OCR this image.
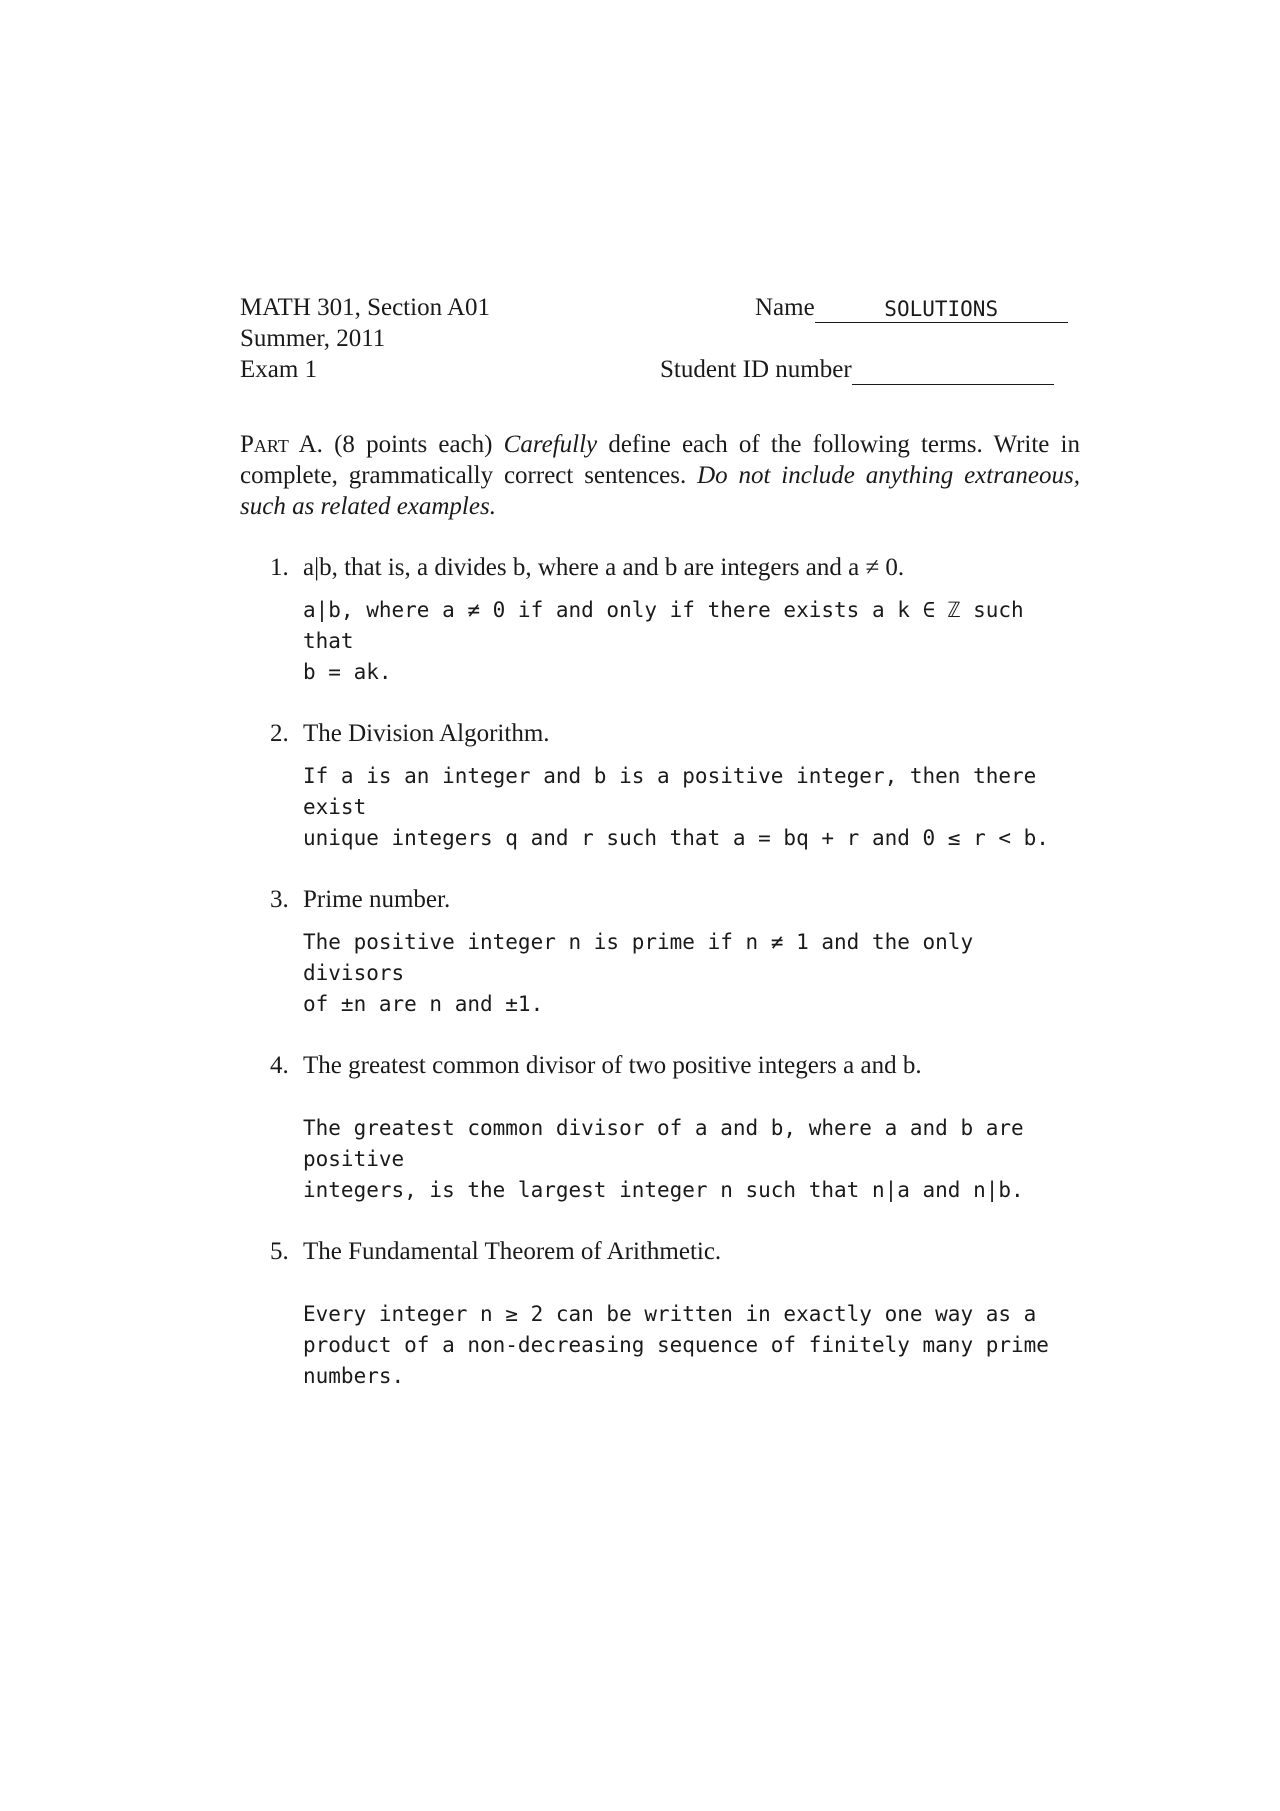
MATH 301, Section A01
Summer, 2011
Exam 1
Name	SOLUTIONS
Student ID number
Part A. (8 points each) Carefully define each of the following terms. Write in complete, grammatically correct sentences. Do not include anything extraneous, such as related examples.
1. a|b, that is, a divides b, where a and b are integers and a ≠ 0.
a|b, where a ≠ 0 if and only if there exists a k ∈ ℤ such that
b = ak.
2. The Division Algorithm.
If a is an integer and b is a positive integer, then there exist
unique integers q and r such that a = bq + r and 0 ≤ r < b.
3. Prime number.
The positive integer n is prime if n ≠ 1 and the only divisors
of ±n are n and ±1.
4. The greatest common divisor of two positive integers a and b.
The greatest common divisor of a and b, where a and b are positive
integers, is the largest integer n such that n|a and n|b.
5. The Fundamental Theorem of Arithmetic.
Every integer n ≥ 2 can be written in exactly one way as a
product of a non-decreasing sequence of finitely many prime
numbers.
